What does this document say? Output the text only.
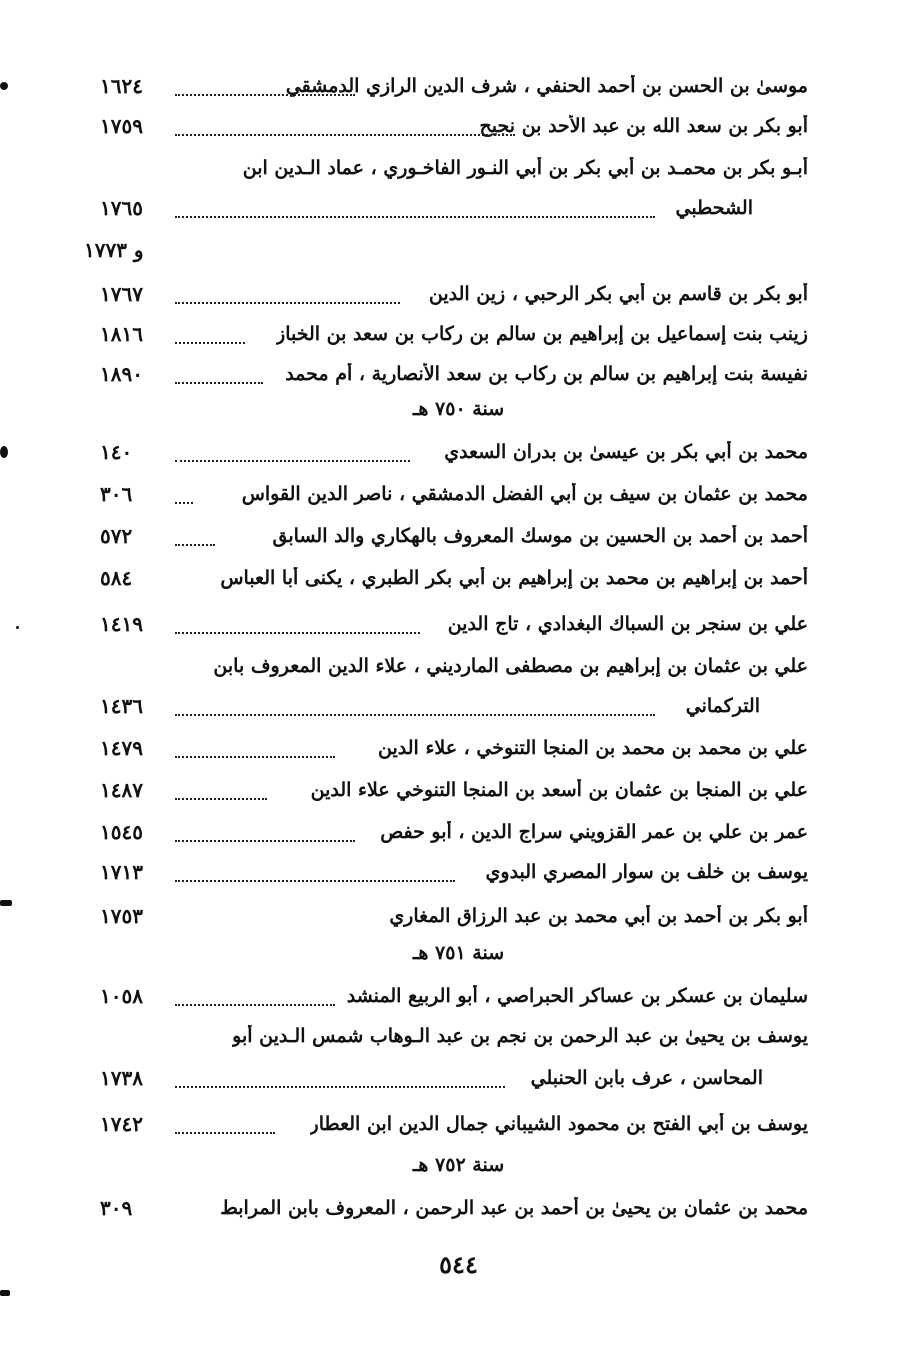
موسىٰ بن الحسن بن أحمد الحنفي ، شرف الدين الرازي الدمشقي
١٦٢٤
أبو بكر بن سعد الله بن عبد الأحد بن نجيح
١٧٥٩
أبـو بكر بن محمـد بن أبي بكر بن أبي النـور الفاخـوري ، عماد الـدين ابن
الشحطبي
١٧٦٥
و ١٧٧٣
أبو بكر بن قاسم بن أبي بكر الرحبي ، زين الدين
١٧٦٧
زينب بنت إسماعيل بن إبراهيم بن سالم بن ركاب بن سعد بن الخباز
١٨١٦
نفيسة بنت إبراهيم بن سالم بن ركاب بن سعد الأنصارية ، أم محمد
١٨٩٠
سنة ٧٥٠ هـ
محمد بن أبي بكر بن عيسىٰ بن بدران السعدي
١٤٠
محمد بن عثمان بن سيف بن أبي الفضل الدمشقي ، ناصر الدين القواس
٣٠٦
أحمد بن أحمد بن الحسين بن موسك المعروف بالهكاري والد السابق
٥٧٢
أحمد بن إبراهيم بن محمد بن إبراهيم بن أبي بكر الطبري ، يكنى أبا العباس
٥٨٤
علي بن سنجر بن السباك البغدادي ، تاج الدين
١٤١٩
علي بن عثمان بن إبراهيم بن مصطفى المارديني ، علاء الدين المعروف بابن
التركماني
١٤٣٦
علي بن محمد بن محمد بن المنجا التنوخي ، علاء الدين
١٤٧٩
علي بن المنجا بن عثمان بن أسعد بن المنجا التنوخي علاء الدين
١٤٨٧
عمر بن علي بن عمر القزويني سراج الدين ، أبو حفص
١٥٤٥
يوسف بن خلف بن سوار المصري البدوي
١٧١٣
أبو بكر بن أحمد بن أبي محمد بن عبد الرزاق المغاري
١٧٥٣
سنة ٧٥١ هـ
سليمان بن عسكر بن عساكر الحبراصي ، أبو الربيع المنشد
١٠٥٨
يوسف بن يحيىٰ بن عبد الرحمن بن نجم بن عبد الـوهاب شمس الـدين أبو
المحاسن ، عرف بابن الحنبلي
١٧٣٨
يوسف بن أبي الفتح بن محمود الشيباني جمال الدين ابن العطار
١٧٤٢
سنة ٧٥٢ هـ
محمد بن عثمان بن يحيىٰ بن أحمد بن عبد الرحمن ، المعروف بابن المرابط
٣٠٩
٥٤٤
